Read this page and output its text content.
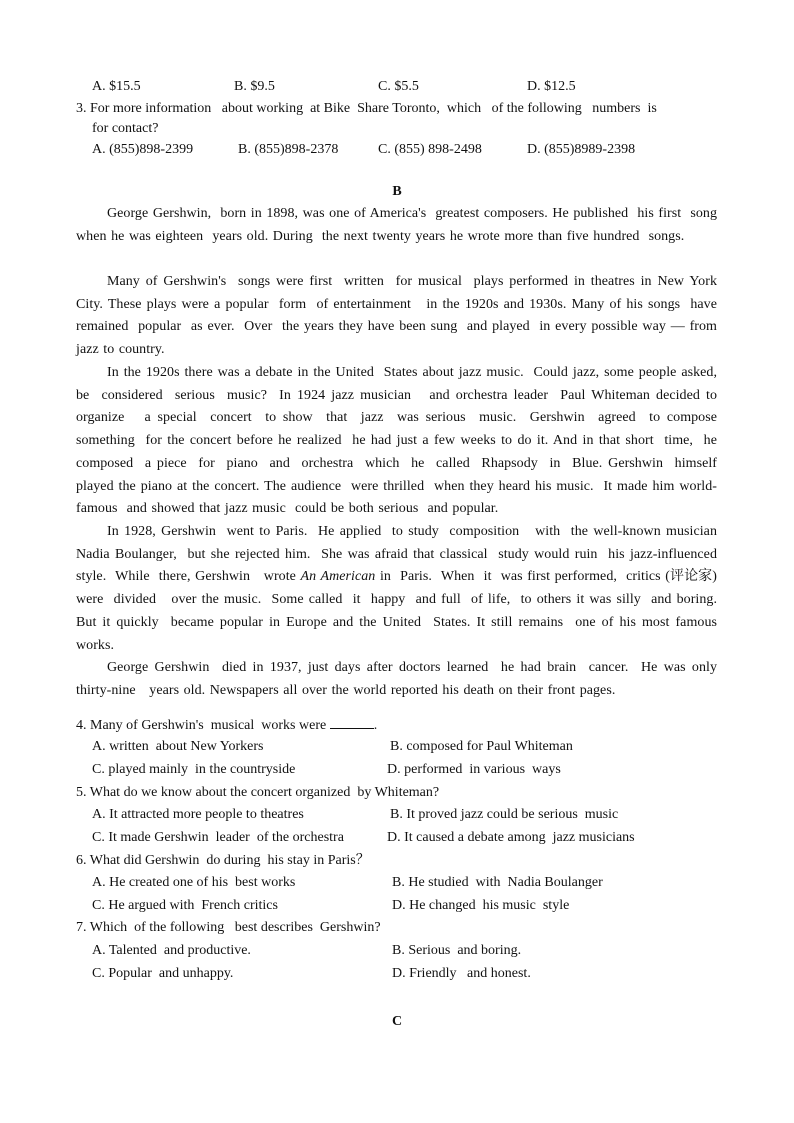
A. $15.5	B. $9.5	C. $5.5	D. $12.5
3. For more information   about working  at Bike  Share Toronto,  which   of the following   numbers  is
for contact?
A. (855)898-2399	B. (855)898-2378	C. (855) 898-2498	D. (855)8989-2398
B
George Gershwin,  born in 1898, was one of America's  greatest composers. He published  his first  song when he was eighteen  years old. During  the next twenty years he wrote more than five hundred  songs.
Many of Gershwin's  songs were first  written  for musical  plays performed in theatres in New York City. These plays were a popular  form  of entertainment   in the 1920s and 1930s. Many of his songs  have remained  popular  as ever.  Over  the years they have been sung  and played  in every possible way — from jazz to country.
In the 1920s there was a debate in the United  States about jazz music.  Could jazz, some people asked, be  considered  serious  music?  In 1924 jazz musician   and orchestra leader  Paul Whiteman decided to organize   a special  concert  to show  that  jazz  was serious  music.  Gershwin  agreed  to compose something  for the concert before he realized  he had just a few weeks to do it. And in that short  time,  he  composed  a piece  for  piano  and  orchestra  which  he  called  Rhapsody  in  Blue. Gershwin  himself  played the piano at the concert. The audience  were thrilled  when they heard his music.  It made him world-famous  and showed that jazz music  could be both serious  and popular.
In 1928, Gershwin  went to Paris.  He applied  to study  composition   with  the well-known musician  Nadia Boulanger,  but she rejected him.  She was afraid that classical  study would ruin  his jazz-influenced    style.  While  there, Gershwin   wrote An American in  Paris.  When  it  was first performed,  critics (评论家) were  divided   over the music.  Some called  it  happy  and full  of life,  to others it was silly  and boring.  But it quickly  became popular in Europe and the United  States. It still remains  one of his most famous  works.
George Gershwin  died in 1937, just days after doctors learned  he had brain  cancer.  He was only thirty-nine   years old. Newspapers all over the world reported his death on their front pages.
4. Many of Gershwin's  musical  works were	.
A. written  about New Yorkers	B. composed for Paul Whiteman
C. played mainly  in the countryside	D. performed  in various  ways
5. What do we know about the concert organized  by Whiteman?
A. It attracted more people to theatres	B. It proved jazz could be serious  music
C. It made Gershwin  leader  of the orchestra	D. It caused a debate among  jazz musicians
6. What did Gershwin  do during  his stay in Paris？
A. He created one of his  best works	B. He studied  with  Nadia Boulanger
C. He argued with  French critics	D. He changed  his music  style
7. Which  of the following   best describes  Gershwin?
A. Talented  and productive.	B. Serious  and boring.
C. Popular  and unhappy.	D. Friendly   and honest.
C
